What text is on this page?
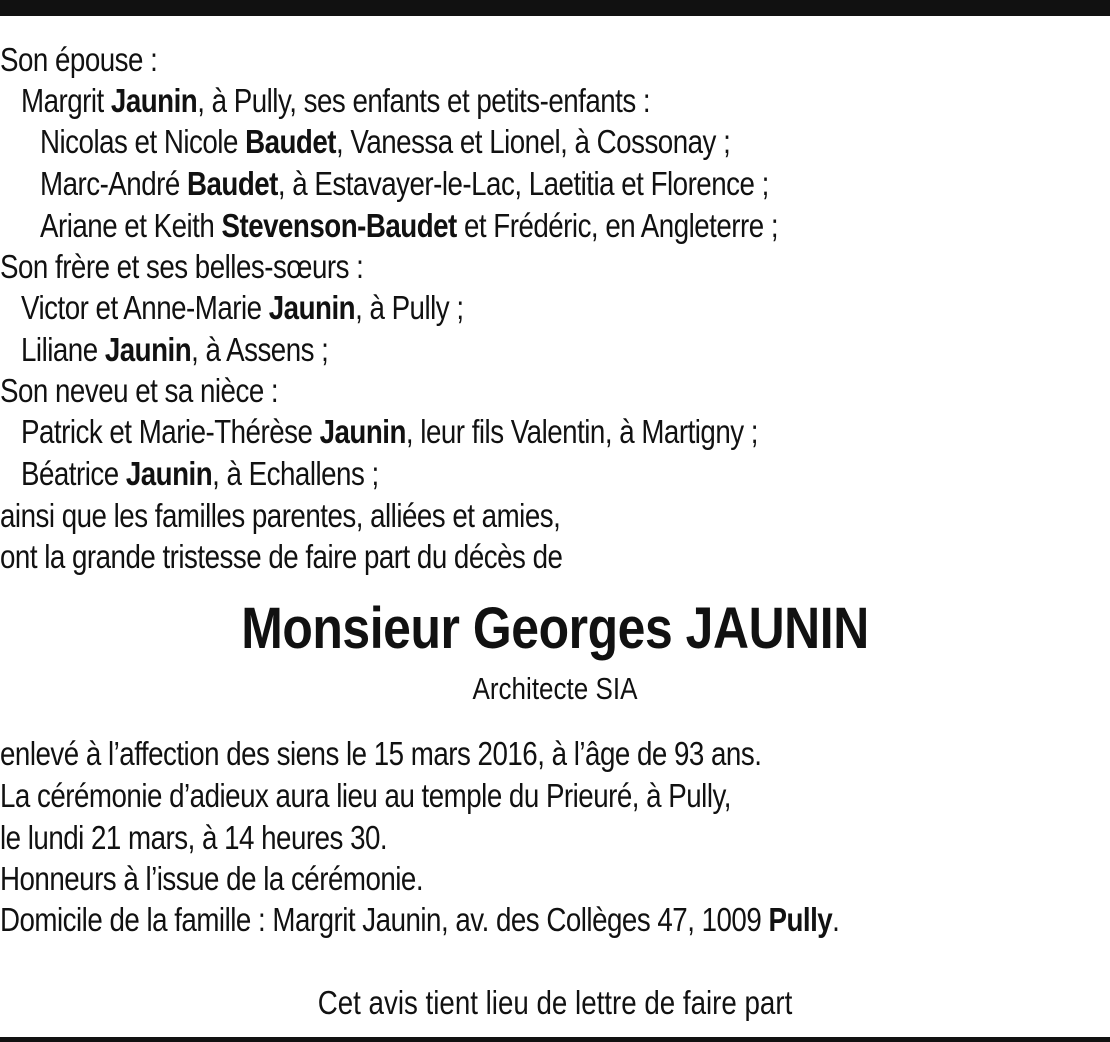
Son épouse :
Margrit Jaunin, à Pully, ses enfants et petits-enfants :
Nicolas et Nicole Baudet, Vanessa et Lionel, à Cossonay ;
Marc-André Baudet, à Estavayer-le-Lac, Laetitia et Florence ;
Ariane et Keith Stevenson-Baudet et Frédéric, en Angleterre ;
Son frère et ses belles-sœurs :
Victor et Anne-Marie Jaunin, à Pully ;
Liliane Jaunin, à Assens ;
Son neveu et sa nièce :
Patrick et Marie-Thérèse Jaunin, leur fils Valentin, à Martigny ;
Béatrice Jaunin, à Echallens ;
ainsi que les familles parentes, alliées et amies,
ont la grande tristesse de faire part du décès de
Monsieur Georges JAUNIN
Architecte SIA
enlevé à l’affection des siens le 15 mars 2016, à l’âge de 93 ans.
La cérémonie d’adieux aura lieu au temple du Prieuré, à Pully,
le lundi 21 mars, à 14 heures 30.
Honneurs à l’issue de la cérémonie.
Domicile de la famille : Margrit Jaunin, av. des Collèges 47, 1009 Pully.
Cet avis tient lieu de lettre de faire part
